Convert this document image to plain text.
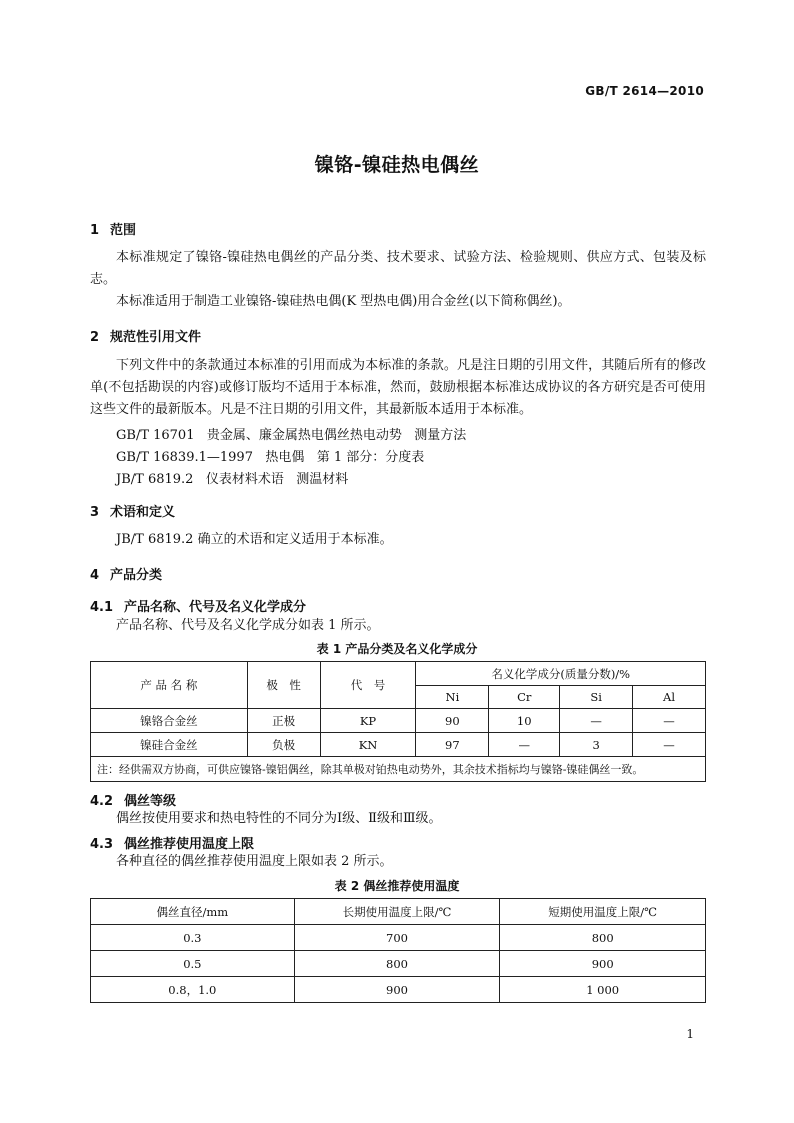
GB/T 2614—2010
镍铬-镍硅热电偶丝
1 范围
本标准规定了镍铬-镍硅热电偶丝的产品分类、技术要求、试验方法、检验规则、供应方式、包装及标志。
本标准适用于制造工业镍铬-镍硅热电偶(K 型热电偶)用合金丝(以下简称偶丝)。
2 规范性引用文件
下列文件中的条款通过本标准的引用而成为本标准的条款。凡是注日期的引用文件，其随后所有的修改单(不包括勘误的内容)或修订版均不适用于本标准，然而，鼓励根据本标准达成协议的各方研究是否可使用这些文件的最新版本。凡是不注日期的引用文件，其最新版本适用于本标准。
GB/T 16701   贵金属、廉金属热电偶丝热电动势   测量方法
GB/T 16839.1—1997   热电偶   第 1 部分：分度表
JB/T 6819.2   仪表材料术语   测温材料
3 术语和定义
JB/T 6819.2 确立的术语和定义适用于本标准。
4 产品分类
4.1 产品名称、代号及名义化学成分
产品名称、代号及名义化学成分如表 1 所示。
表 1 产品分类及名义化学成分
产 品 名 称	极　性	代　号	名义化学成分(质量分数)/%			
			Ni	Cr	Si	Al
镍铬合金丝	正极	KP	90	10	—	—
镍硅合金丝	负极	KN	97	—	3	—
注：经供需双方协商，可供应镍铬-镍铝偶丝，除其单极对铂热电动势外，其余技术指标均与镍铬-镍硅偶丝一致。						
4.2 偶丝等级
偶丝按使用要求和热电特性的不同分为Ⅰ级、Ⅱ级和Ⅲ级。
4.3 偶丝推荐使用温度上限
各种直径的偶丝推荐使用温度上限如表 2 所示。
表 2 偶丝推荐使用温度
偶丝直径/mm	长期使用温度上限/℃	短期使用温度上限/℃
0.3	700	800
0.5	800	900
0.8，1.0	900	1 000
1
